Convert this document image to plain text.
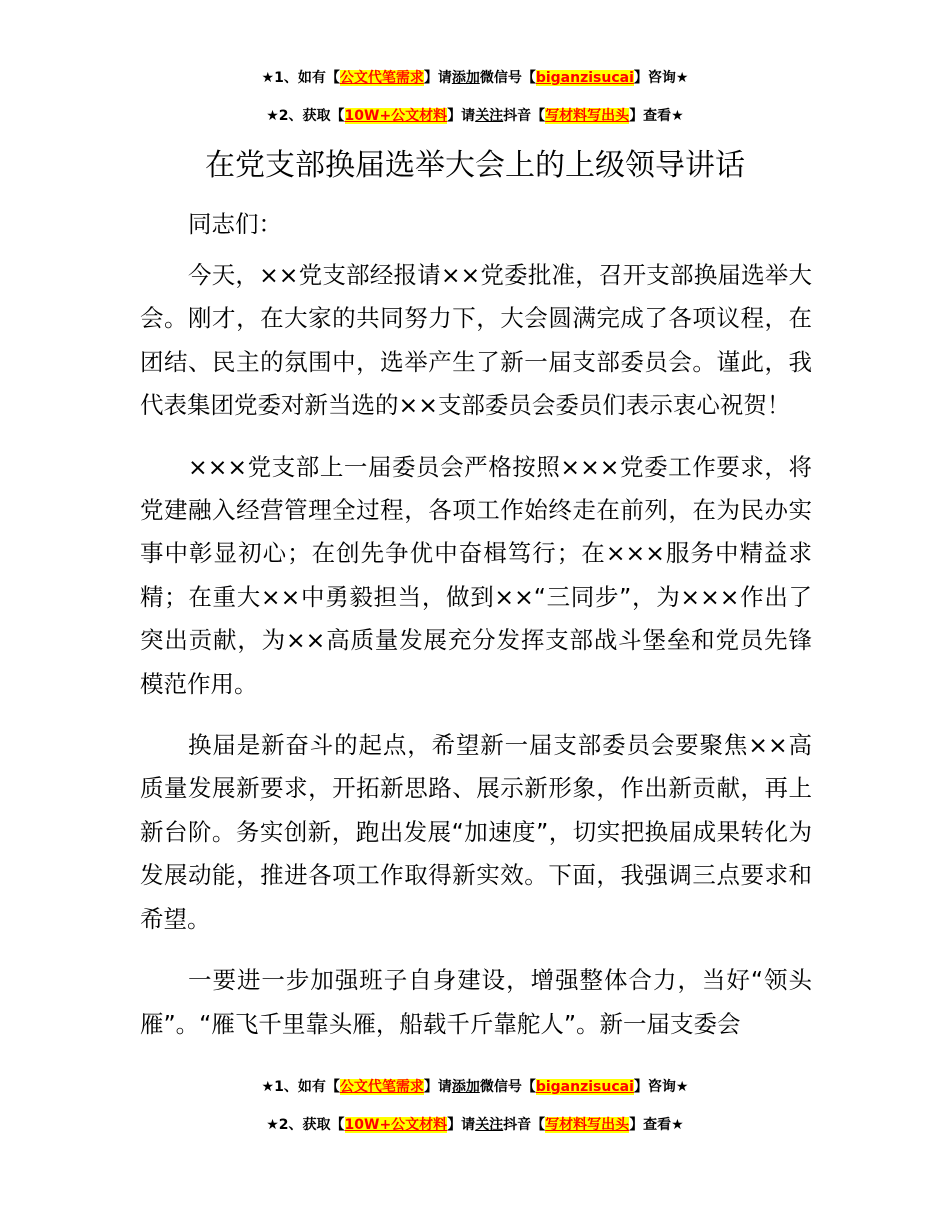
★1、如有【公文代笔需求】请添加微信号【biganzisucai】咨询★
★2、获取【10W+公文材料】请关注抖音【写材料写出头】查看★
在党支部换届选举大会上的上级领导讲话
同志们：

今天，××党支部经报请××党委批准，召开支部换届选举大会。刚才，在大家的共同努力下，大会圆满完成了各项议程，在团结、民主的氛围中，选举产生了新一届支部委员会。谨此，我代表集团党委对新当选的××支部委员会委员们表示衷心祝贺！

×××党支部上一届委员会严格按照×××党委工作要求，将党建融入经营管理全过程，各项工作始终走在前列，在为民办实事中彰显初心；在创先争优中奋楫笃行；在×××服务中精益求精；在重大××中勇毅担当，做到××“三同步”，为×××作出了突出贡献，为××高质量发展充分发挥支部战斗堡垒和党员先锋模范作用。

换届是新奋斗的起点，希望新一届支部委员会要聚焦××高质量发展新要求，开拓新思路、展示新形象，作出新贡献，再上新台阶。务实创新，跑出发展“加速度”，切实把换届成果转化为发展动能，推进各项工作取得新实效。下面，我强调三点要求和希望。

一要进一步加强班子自身建设，增强整体合力，当好“领头雁”。“雁飞千里靠头雁，船载千斤靠舵人”。新一届支委会

★1、如有【公文代笔需求】请添加微信号【biganzisucai】咨询★
★2、获取【10W+公文材料】请关注抖音【写材料写出头】查看★
